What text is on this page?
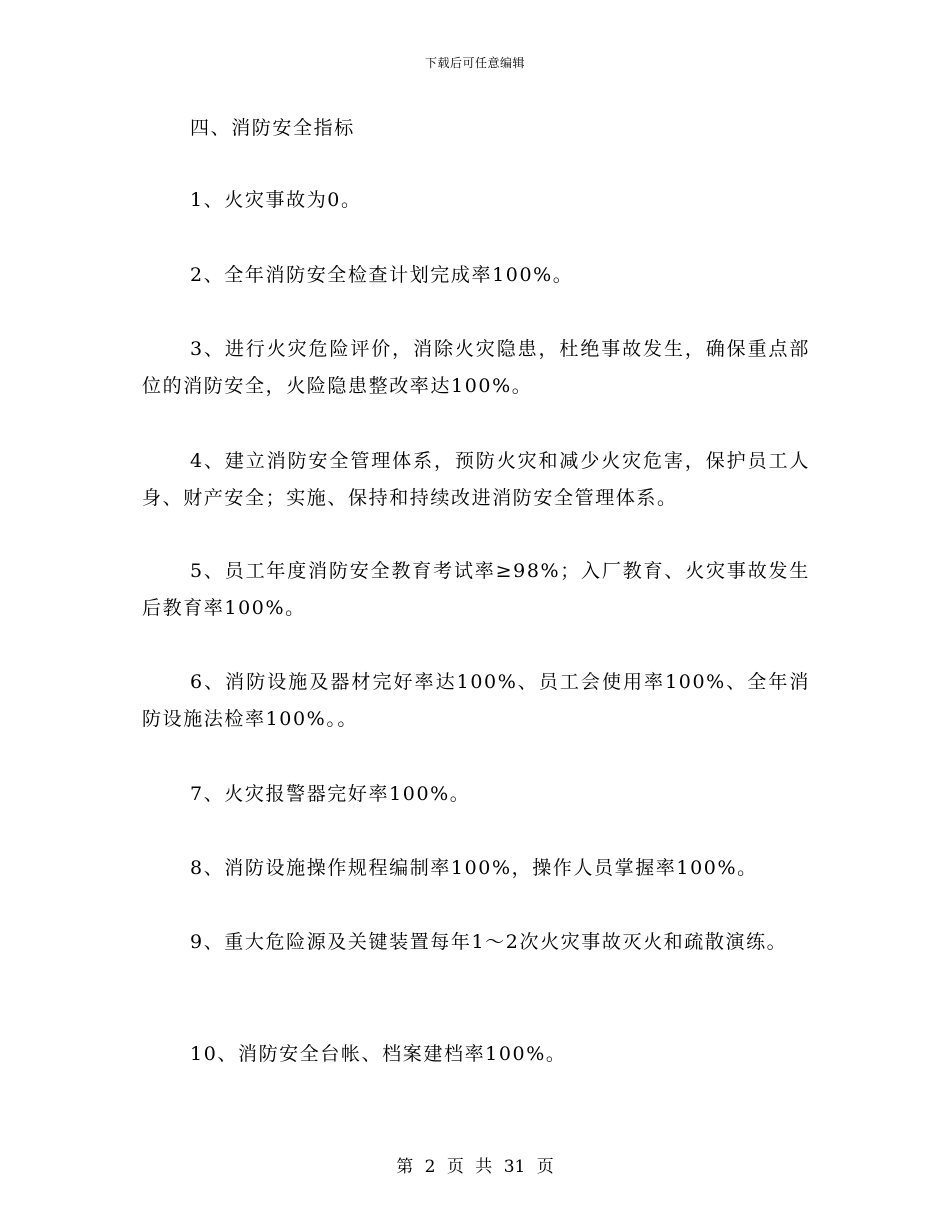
下载后可任意编辑

四、消防安全指标

1、火灾事故为0。

2、全年消防安全检查计划完成率100%。

3、进行火灾危险评价，消除火灾隐患，杜绝事故发生，确保重点部位的消防安全，火险隐患整改率达100%。

4、建立消防安全管理体系，预防火灾和减少火灾危害，保护员工人身、财产安全；实施、保持和持续改进消防安全管理体系。

5、员工年度消防安全教育考试率≥98%；入厂教育、火灾事故发生后教育率100%。

6、消防设施及器材完好率达100%、员工会使用率100%、全年消防设施法检率100%。。

7、火灾报警器完好率100%。

8、消防设施操作规程编制率100%，操作人员掌握率100%。

9、重大危险源及关键装置每年1～2次火灾事故灭火和疏散演练。

10、消防安全台帐、档案建档率100%。

第 2 页 共 31 页
